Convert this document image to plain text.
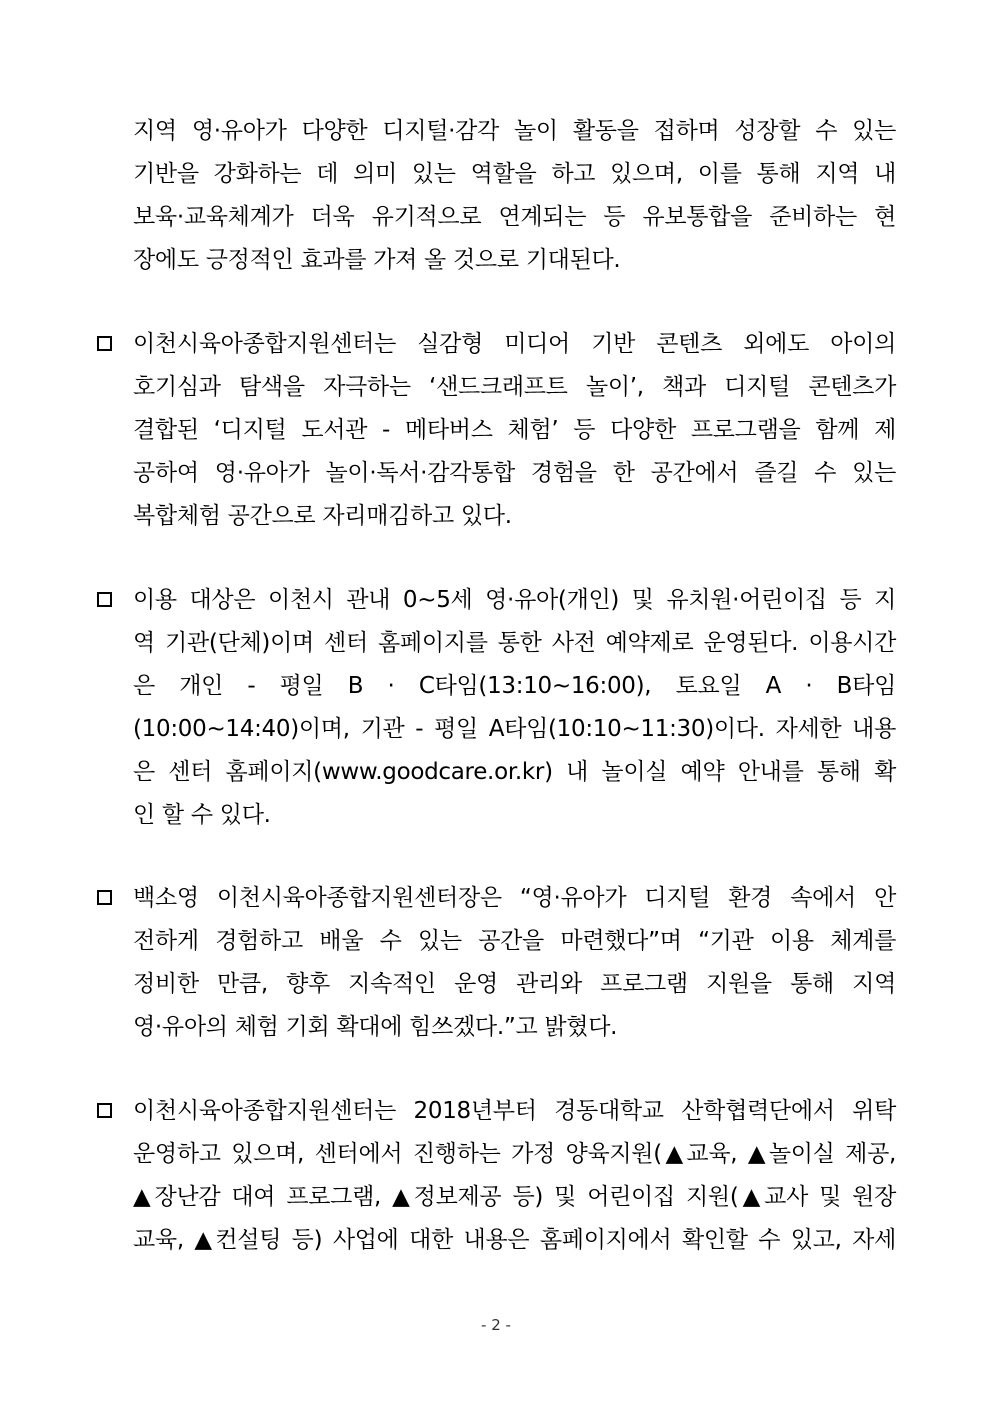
지역 영·유아가 다양한 디지털·감각 놀이 활동을 접하며 성장할 수 있는
기반을 강화하는 데 의미 있는 역할을 하고 있으며, 이를 통해 지역 내
보육·교육체계가 더욱 유기적으로 연계되는 등 유보통합을 준비하는 현
장에도 긍정적인 효과를 가져 올 것으로 기대된다.
이천시육아종합지원센터는 실감형 미디어 기반 콘텐츠 외에도 아이의
호기심과 탐색을 자극하는 ‘샌드크래프트 놀이’, 책과 디지털 콘텐츠가
결합된 ‘디지털 도서관 - 메타버스 체험’ 등 다양한 프로그램을 함께 제
공하여 영·유아가 놀이·독서·감각통합 경험을 한 공간에서 즐길 수 있는
복합체험 공간으로 자리매김하고 있다.
이용 대상은 이천시 관내 0~5세 영·유아(개인) 및 유치원·어린이집 등 지
역 기관(단체)이며 센터 홈페이지를 통한 사전 예약제로 운영된다. 이용시간
은 개인 - 평일 B · C타임(13:10~16:00), 토요일 A · B타임
(10:00~14:40)이며, 기관 - 평일 A타임(10:10~11:30)이다. 자세한 내용
은 센터 홈페이지(www.goodcare.or.kr) 내 놀이실 예약 안내를 통해 확
인 할 수 있다.
백소영 이천시육아종합지원센터장은 “영·유아가 디지털 환경 속에서 안
전하게 경험하고 배울 수 있는 공간을 마련했다”며 “기관 이용 체계를
정비한 만큼, 향후 지속적인 운영 관리와 프로그램 지원을 통해 지역
영·유아의 체험 기회 확대에 힘쓰겠다.”고 밝혔다.
이천시육아종합지원센터는 2018년부터 경동대학교 산학협력단에서 위탁
운영하고 있으며, 센터에서 진행하는 가정 양육지원(▲교육, ▲놀이실 제공,
▲장난감 대여 프로그램, ▲정보제공 등) 및 어린이집 지원(▲교사 및 원장
교육, ▲컨설팅 등) 사업에 대한 내용은 홈페이지에서 확인할 수 있고, 자세
- 2 -
